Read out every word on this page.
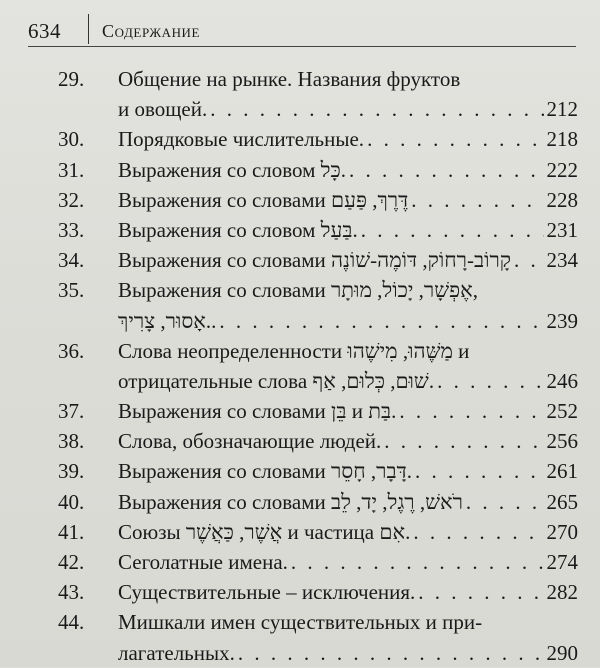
634 Содержание
29. Общение на рынке. Названия фруктов
и овощей. . . .	212
30. Порядковые числительные. . . .	218
31. Выражения со словом כָּל. . . .	222
32. Выражения со словами דֶּרֶךְ, פַּעַם . . .	228
33. Выражения со словом בַּעַל. . . .	231
34. Выражения со словами קָרוֹב-רָחוֹק, דּוֹמֶה-שׁוֹנֶה . . . 234
35. Выражения со словами אֶפְשָׁר, יָכוֹל, מוּתָר,
אָסוּר, צָרִיךְ.. . . .	239
36. Слова неопределенности מַשֶּׁהוּ, מִישֶׁהוּ и
отрицательные слова שׁוּם, כְּלוּם, אַף. . . .	246
37. Выражения со словами בֵּן и בַּת. . . .	252
38. Слова, обозначающие людей. . . .	256
39. Выражения со словами דָּבָר, חָסֵר. . . .	261
40. Выражения со словами רֹאשׁ, רֶגֶל, יָד, לֵב . . .	265
41. Союзы אֲשֶׁר, כַּאֲשֶׁר и частица אִם. . . .	270
42. Сеголатные имена. . . .	274
43. Существительные – исключения. . . .	282
44. Мишкали имен существительных и при-
лагательных. . . .	290
